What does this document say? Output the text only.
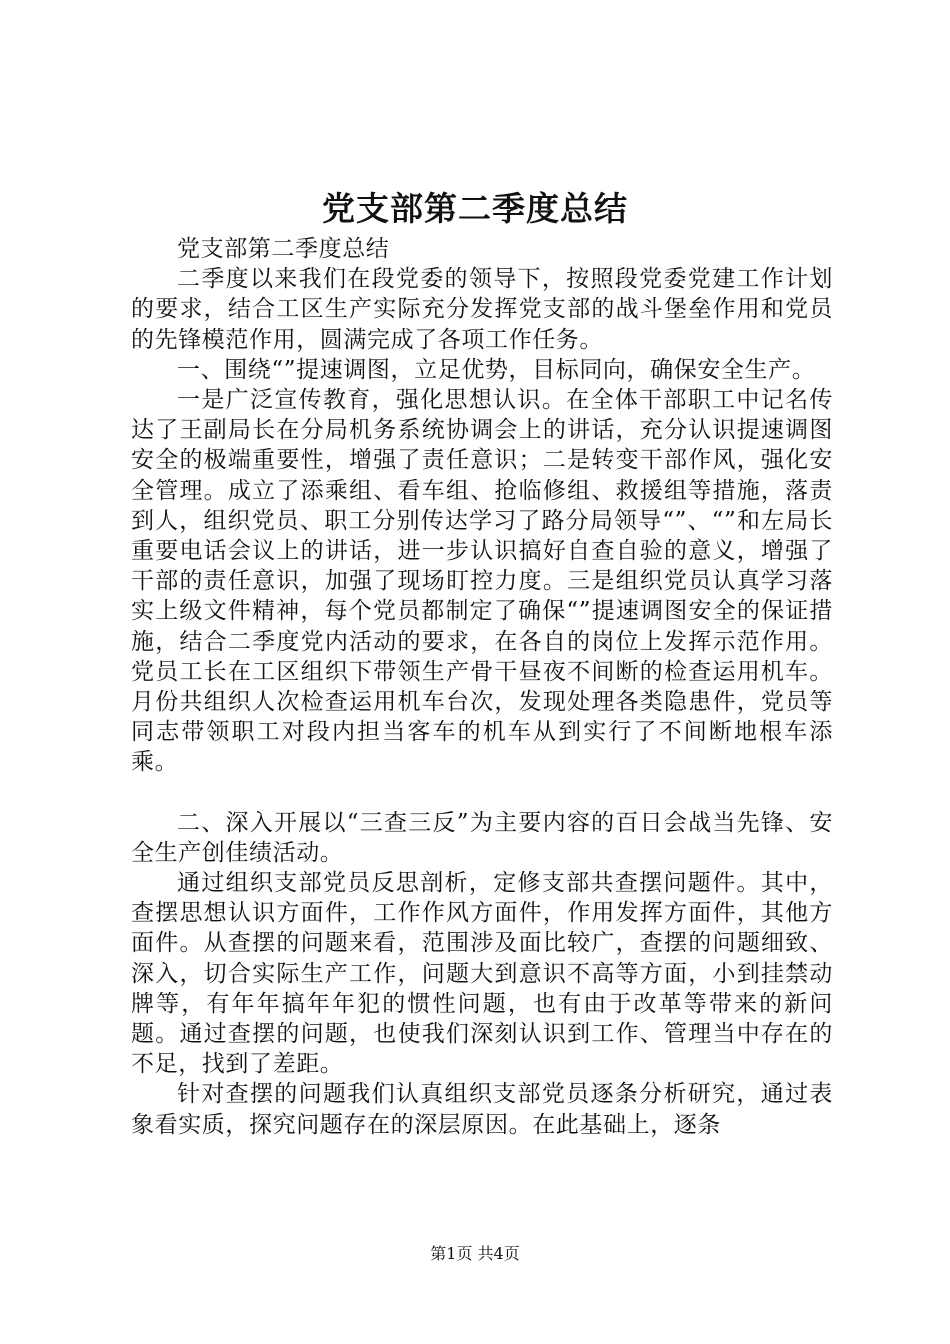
党支部第二季度总结

党支部第二季度总结

二季度以来我们在段党委的领导下，按照段党委党建工作计划的要求，结合工区生产实际充分发挥党支部的战斗堡垒作用和党员的先锋模范作用，圆满完成了各项工作任务。

一、围绕“”提速调图，立足优势，目标同向，确保安全生产。

一是广泛宣传教育，强化思想认识。在全体干部职工中记名传达了王副局长在分局机务系统协调会上的讲话，充分认识提速调图安全的极端重要性，增强了责任意识；二是转变干部作风，强化安全管理。成立了添乘组、看车组、抢临修组、救援组等措施，落责到人，组织党员、职工分别传达学习了路分局领导“”、“”和左局长重要电话会议上的讲话，进一步认识搞好自查自验的意义，增强了干部的责任意识，加强了现场盯控力度。三是组织党员认真学习落实上级文件精神，每个党员都制定了确保“”提速调图安全的保证措施，结合二季度党内活动的要求，在各自的岗位上发挥示范作用。党员工长在工区组织下带领生产骨干昼夜不间断的检查运用机车。月份共组织人次检查运用机车台次，发现处理各类隐患件，党员等同志带领职工对段内担当客车的机车从到实行了不间断地根车添乘。

二、深入开展以“三查三反”为主要内容的百日会战当先锋、安全生产创佳绩活动。

通过组织支部党员反思剖析，定修支部共查摆问题件。其中，查摆思想认识方面件，工作作风方面件，作用发挥方面件，其他方面件。从查摆的问题来看，范围涉及面比较广，查摆的问题细致、深入，切合实际生产工作，问题大到意识不高等方面，小到挂禁动牌等，有年年搞年年犯的惯性问题，也有由于改革等带来的新问题。通过查摆的问题，也使我们深刻认识到工作、管理当中存在的不足，找到了差距。

针对查摆的问题我们认真组织支部党员逐条分析研究，通过表象看实质，探究问题存在的深层原因。在此基础上，逐条

第1页 共4页
